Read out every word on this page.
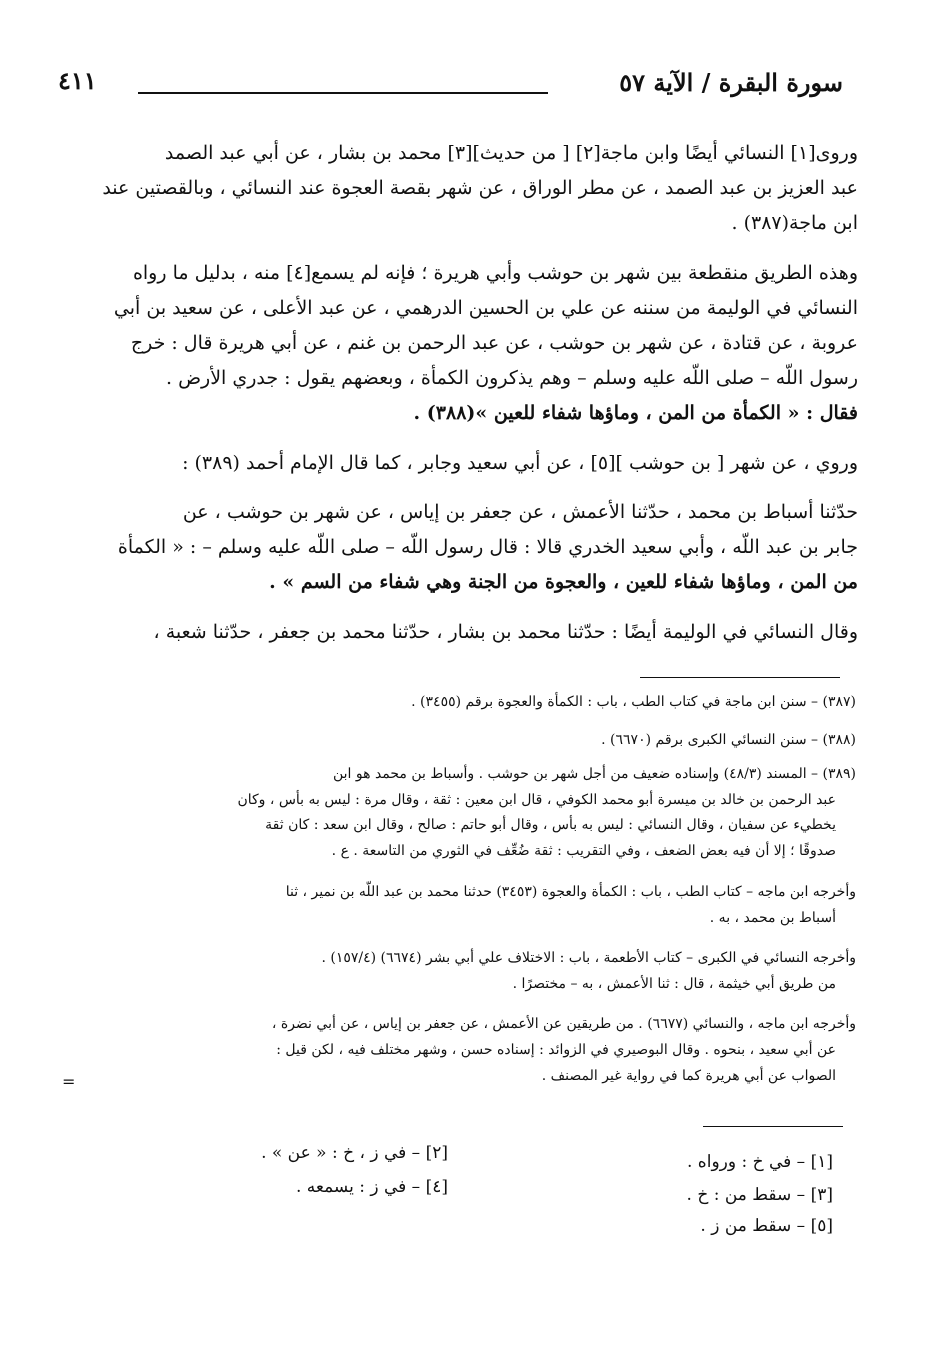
سورة البقرة / الآية ٥٧
٤١١
وروى[١] النسائي أيضًا وابن ماجة[٢] [ من حديث][٣] محمد بن بشار ، عن أبي عبد الصمد
عبد العزيز بن عبد الصمد ، عن مطر الوراق ، عن شهر بقصة العجوة عند النسائي ، وبالقصتين عند
ابن ماجة(٣٨٧) .
وهذه الطريق منقطعة بين شهر بن حوشب وأبي هريرة ؛ فإنه لم يسمع[٤] منه ، بدليل ما رواه
النسائي في الوليمة من سننه عن علي بن الحسين الدرهمي ، عن عبد الأعلى ، عن سعيد بن أبي
عروبة ، عن قتادة ، عن شهر بن حوشب ، عن عبد الرحمن بن غنم ، عن أبي هريرة قال : خرج
رسول اللّه – صلى اللّه عليه وسلم – وهم يذكرون الكمأة ، وبعضهم يقول : جدري الأرض .
فقال : « الكمأة من المن ، وماؤها شفاء للعين »(٣٨٨) .
وروي ، عن شهر [ بن حوشب ][٥] ، عن أبي سعيد وجابر ، كما قال الإمام أحمد (٣٨٩) :
حدّثنا أسباط بن محمد ، حدّثنا الأعمش ، عن جعفر بن إياس ، عن شهر بن حوشب ، عن
جابر بن عبد اللّه ، وأبي سعيد الخدري قالا : قال رسول اللّه – صلى اللّه عليه وسلم – : « الكمأة
من المن ، وماؤها شفاء للعين ، والعجوة من الجنة وهي شفاء من السم » .
وقال النسائي في الوليمة أيضًا : حدّثنا محمد بن بشار ، حدّثنا محمد بن جعفر ، حدّثنا شعبة ،
(٣٨٧) – سنن ابن ماجة في كتاب الطب ، باب : الكمأة والعجوة برقم (٣٤٥٥) .
(٣٨٨) – سنن النسائي الكبرى برقم (٦٦٧٠) .
(٣٨٩) – المسند (٤٨/٣) وإسناده ضعيف من أجل شهر بن حوشب . وأسباط بن محمد هو ابن
عبد الرحمن بن خالد بن ميسرة أبو محمد الكوفي ، قال ابن معين : ثقة ، وقال مرة : ليس به بأس ، وكان
يخطيء عن سفيان ، وقال النسائي : ليس به بأس ، وقال أبو حاتم : صالح ، وقال ابن سعد : كان ثقة
صدوقًا ؛ إلا أن فيه بعض الضعف ، وفي التقريب : ثقة ضُعِّف في الثوري من التاسعة . ع .
وأخرجه ابن ماجه – كتاب الطب ، باب : الكمأة والعجوة (٣٤٥٣) حدثنا محمد بن عبد اللّه بن نمير ، ثنا
أسباط بن محمد ، به .
وأخرجه النسائي في الكبرى – كتاب الأطعمة ، باب : الاختلاف علي أبي بشر (٦٦٧٤) (١٥٧/٤) .
من طريق أبي خيثمة ، قال : ثنا الأعمش ، به – مختصرًا .
وأخرجه ابن ماجه ، والنسائي (٦٦٧٧) . من طريقين عن الأعمش ، عن جعفر بن إياس ، عن أبي نضرة ،
عن أبي سعيد ، بنحوه . وقال البوصيري في الزوائد : إسناده حسن ، وشهر مختلف فيه ، لكن قيل :
الصواب عن أبي هريرة كما في رواية غير المصنف .
=
[١] – في خ : ورواه .
[٢] – في ز ، خ : « عن » .
[٣] – سقط من : خ .
[٤] – في ز : يسمعه .
[٥] – سقط من ز .
